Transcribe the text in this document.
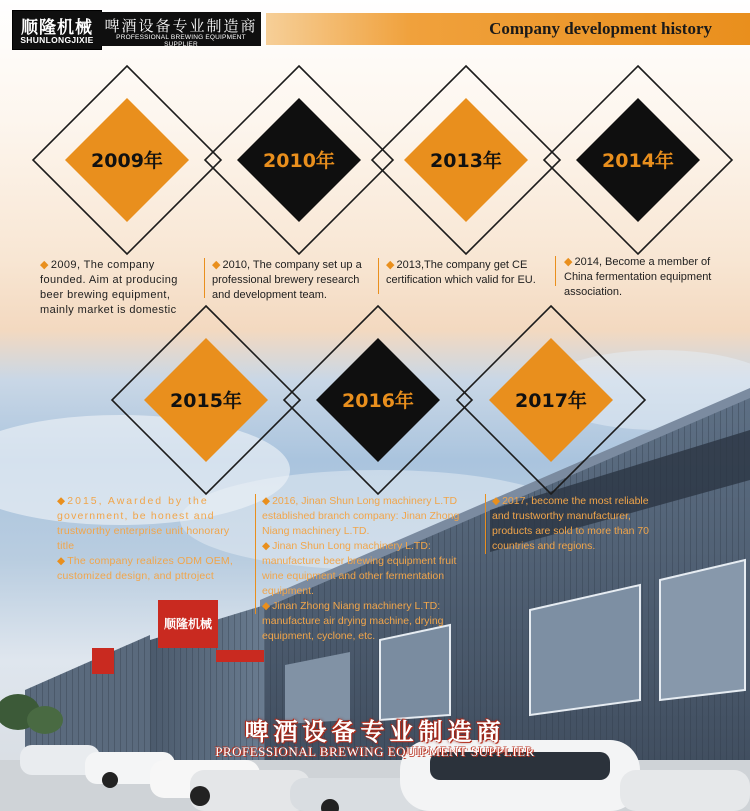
顺隆机械
顺隆机械
SHUNLONGJIXIE
啤酒设备专业制造商
PROFESSIONAL BREWING EQUIPMENT SUPPLIER
Company development history
2009年	2010年	2013年	2014年
2015年	2016年	2017年
◆ 2009, The company
founded. Aim at producing
beer brewing equipment,
mainly market is domestic
◆ 2010, The company set up a
professional brewery research
and development team.
◆ 2013,The company get CE
certification which valid for EU.
◆ 2014, Become a member of
China fermentation equipment
association.
◆ 2015, Awarded by the
government, be honest and
trustworthy enterprise unit honorary
title
◆ The company realizes ODM OEM,
customized design, and pttroject
◆ 2016, Jinan Shun Long machinery L.TD
established branch company: Jinan Zhong
Niang machinery L.TD.
◆ Jinan Shun Long machinery L.TD:
manufacture beer brewing equipment fruit
wine equipment and other fermentation
equipment.
◆ Jinan Zhong Niang machinery L.TD:
manufacture air drying machine, drying
equipment, cyclone, etc.
◆ 2017, become the most reliable
and trustworthy manufacturer,
products are sold to more than 70
countries and regions.
啤酒设备专业制造商
PROFESSIONAL BREWING EQUIPMENT SUPPLIER
